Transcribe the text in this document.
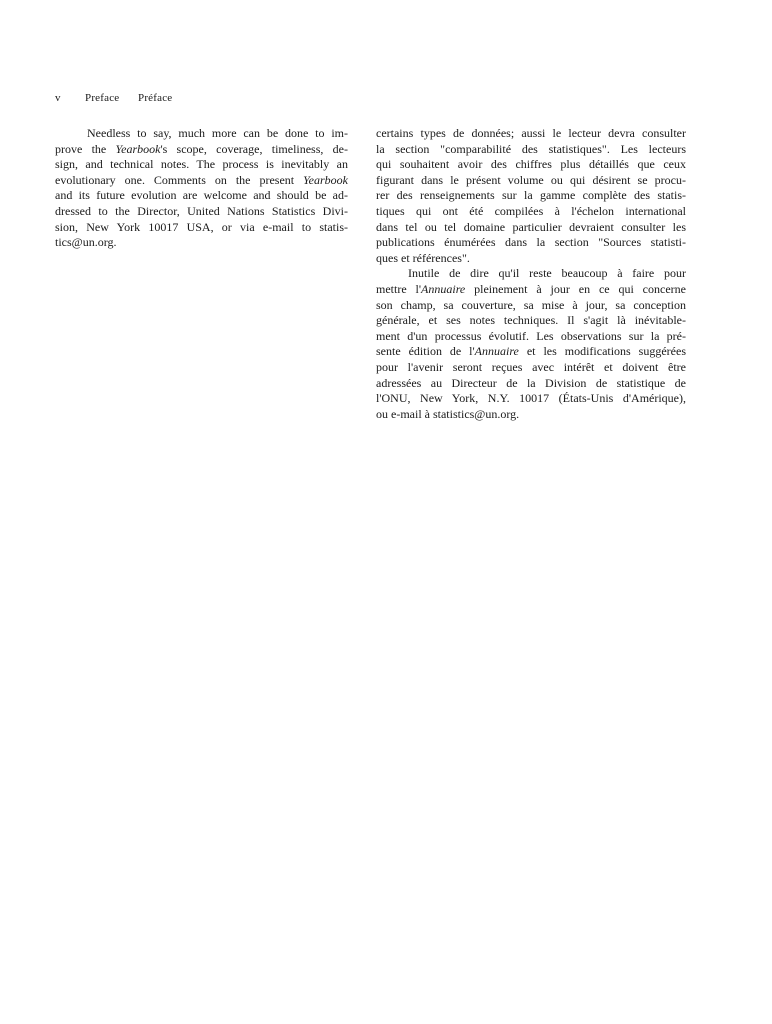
v Preface Préface
Needless to say, much more can be done to im-
prove the Yearbook's scope, coverage, timeliness, de-
sign, and technical notes. The process is inevitably an
evolutionary one. Comments on the present Yearbook
and its future evolution are welcome and should be ad-
dressed to the Director, United Nations Statistics Divi-
sion, New York 10017 USA, or via e-mail to statis-
tics@un.org.
certains types de données; aussi le lecteur devra consulter
la section "comparabilité des statistiques". Les lecteurs
qui souhaitent avoir des chiffres plus détaillés que ceux
figurant dans le présent volume ou qui désirent se procu-
rer des renseignements sur la gamme complète des statis-
tiques qui ont été compilées à l'échelon international
dans tel ou tel domaine particulier devraient consulter les
publications énumérées dans la section "Sources statisti-
ques et références".
Inutile de dire qu'il reste beaucoup à faire pour
mettre l'Annuaire pleinement à jour en ce qui concerne
son champ, sa couverture, sa mise à jour, sa conception
générale, et ses notes techniques. Il s'agit là inévitable-
ment d'un processus évolutif. Les observations sur la pré-
sente édition de l'Annuaire et les modifications suggérées
pour l'avenir seront reçues avec intérêt et doivent être
adressées au Directeur de la Division de statistique de
l'ONU, New York, N.Y. 10017 (États-Unis d'Amérique),
ou e-mail à statistics@un.org.
